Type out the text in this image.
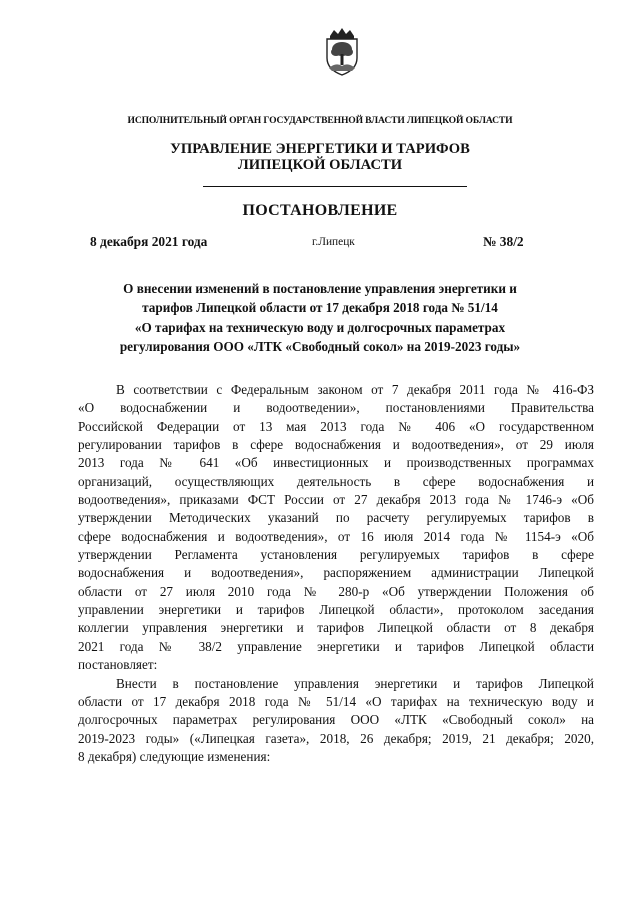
ИСПОЛНИТЕЛЬНЫЙ ОРГАН ГОСУДАРСТВЕННОЙ ВЛАСТИ ЛИПЕЦКОЙ ОБЛАСТИ
УПРАВЛЕНИЕ ЭНЕРГЕТИКИ И ТАРИФОВ
ЛИПЕЦКОЙ ОБЛАСТИ
ПОСТАНОВЛЕНИЕ
8 декабря 2021 года	г.Липецк	№ 38/2
О внесении изменений в постановление управления энергетики и
тарифов Липецкой области от 17 декабря 2018 года № 51/14
«О тарифах на техническую воду и долгосрочных параметрах
регулирования ООО «ЛТК «Свободный сокол» на 2019-2023 годы»
В соответствии с Федеральным законом от 7 декабря 2011 года № 416-ФЗ
«О водоснабжении и водоотведении», постановлениями Правительства
Российской Федерации от 13 мая 2013 года № 406 «О государственном
регулировании тарифов в сфере водоснабжения и водоотведения», от 29 июля
2013 года № 641 «Об инвестиционных и производственных программах
организаций, осуществляющих деятельность в сфере водоснабжения и
водоотведения», приказами ФСТ России от 27 декабря 2013 года № 1746-э «Об
утверждении Методических указаний по расчету регулируемых тарифов в
сфере водоснабжения и водоотведения», от 16 июля 2014 года № 1154-э «Об
утверждении Регламента установления регулируемых тарифов в сфере
водоснабжения и водоотведения», распоряжением администрации Липецкой
области от 27 июля 2010 года № 280-р «Об утверждении Положения об
управлении энергетики и тарифов Липецкой области», протоколом заседания
коллегии управления энергетики и тарифов Липецкой области от 8 декабря
2021 года № 38/2 управление энергетики и тарифов Липецкой области
постановляет:
Внести в постановление управления энергетики и тарифов Липецкой
области от 17 декабря 2018 года № 51/14 «О тарифах на техническую воду и
долгосрочных параметрах регулирования ООО «ЛТК «Свободный сокол» на
2019-2023 годы» («Липецкая газета», 2018, 26 декабря; 2019, 21 декабря; 2020,
8 декабря) следующие изменения:
